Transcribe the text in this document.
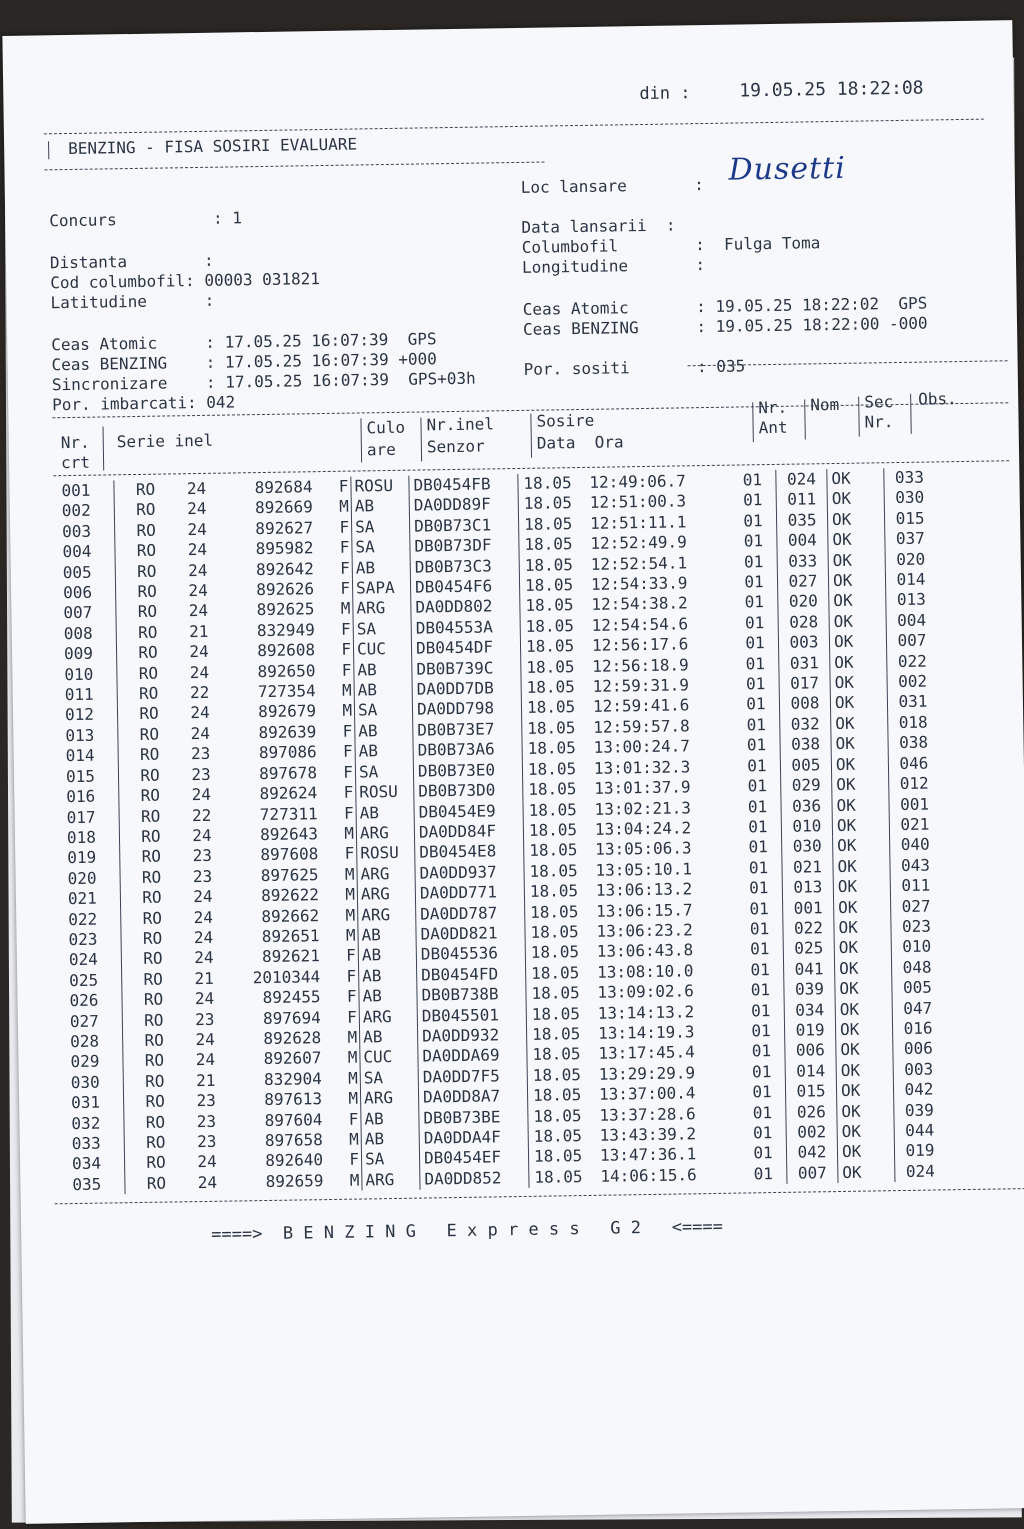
din :	19.05.25 18:22:08
BENZING - FISA SOSIRI EVALUARE
Concurs          : 1
Distanta        :
Cod columbofil: 00003 031821
Latitudine      :
Ceas Atomic     : 17.05.25 16:07:39  GPS
Ceas BENZING    : 17.05.25 16:07:39 +000
Sincronizare    : 17.05.25 16:07:39  GPS+03h
Por. imbarcati: 042
Loc lansare       : Dusetti
Data lansarii  :
Columbofil        :  Fulga Toma
Longitudine       :
Ceas Atomic       : 19.05.25 18:22:02  GPS
Ceas BENZING      : 19.05.25 18:22:00 -000
Por. sositi       : 035
Nr.
crt
Serie inel
Culo
are
Nr.inel
Senzor
Sosire
Data  Ora
Nr.
Ant
Nom Sec
Nr.
Obs.
001	RO	24	892684	F	ROSU	DB0454FB	18.05	12:49:06.7	01	024	OK	033
002	RO	24	892669	M	AB	DA0DD89F	18.05	12:51:00.3	01	011	OK	030
003	RO	24	892627	F	SA	DB0B73C1	18.05	12:51:11.1	01	035	OK	015
004	RO	24	895982	F	SA	DB0B73DF	18.05	12:52:49.9	01	004	OK	037
005	RO	24	892642	F	AB	DB0B73C3	18.05	12:52:54.1	01	033	OK	020
006	RO	24	892626	F	SAPA	DB0454F6	18.05	12:54:33.9	01	027	OK	014
007	RO	24	892625	M	ARG	DA0DD802	18.05	12:54:38.2	01	020	OK	013
008	RO	21	832949	F	SA	DB04553A	18.05	12:54:54.6	01	028	OK	004
009	RO	24	892608	F	CUC	DB0454DF	18.05	12:56:17.6	01	003	OK	007
010	RO	24	892650	F	AB	DB0B739C	18.05	12:56:18.9	01	031	OK	022
011	RO	22	727354	M	AB	DA0DD7DB	18.05	12:59:31.9	01	017	OK	002
012	RO	24	892679	M	SA	DA0DD798	18.05	12:59:41.6	01	008	OK	031
013	RO	24	892639	F	AB	DB0B73E7	18.05	12:59:57.8	01	032	OK	018
014	RO	23	897086	F	AB	DB0B73A6	18.05	13:00:24.7	01	038	OK	038
015	RO	23	897678	F	SA	DB0B73E0	18.05	13:01:32.3	01	005	OK	046
016	RO	24	892624	F	ROSU	DB0B73D0	18.05	13:01:37.9	01	029	OK	012
017	RO	22	727311	F	AB	DB0454E9	18.05	13:02:21.3	01	036	OK	001
018	RO	24	892643	M	ARG	DA0DD84F	18.05	13:04:24.2	01	010	OK	021
019	RO	23	897608	F	ROSU	DB0454E8	18.05	13:05:06.3	01	030	OK	040
020	RO	23	897625	M	ARG	DA0DD937	18.05	13:05:10.1	01	021	OK	043
021	RO	24	892622	M	ARG	DA0DD771	18.05	13:06:13.2	01	013	OK	011
022	RO	24	892662	M	ARG	DA0DD787	18.05	13:06:15.7	01	001	OK	027
023	RO	24	892651	M	AB	DA0DD821	18.05	13:06:23.2	01	022	OK	023
024	RO	24	892621	F	AB	DB045536	18.05	13:06:43.8	01	025	OK	010
025	RO	21	2010344	F	AB	DB0454FD	18.05	13:08:10.0	01	041	OK	048
026	RO	24	892455	F	AB	DB0B738B	18.05	13:09:02.6	01	039	OK	005
027	RO	23	897694	F	ARG	DB045501	18.05	13:14:13.2	01	034	OK	047
028	RO	24	892628	M	AB	DA0DD932	18.05	13:14:19.3	01	019	OK	016
029	RO	24	892607	M	CUC	DA0DDA69	18.05	13:17:45.4	01	006	OK	006
030	RO	21	832904	M	SA	DA0DD7F5	18.05	13:29:29.9	01	014	OK	003
031	RO	23	897613	M	ARG	DA0DD8A7	18.05	13:37:00.4	01	015	OK	042
032	RO	23	897604	F	AB	DB0B73BE	18.05	13:37:28.6	01	026	OK	039
033	RO	23	897658	M	AB	DA0DDA4F	18.05	13:43:39.2	01	002	OK	044
034	RO	24	892640	F	SA	DB0454EF	18.05	13:47:36.1	01	042	OK	019
035	RO	24	892659	M	ARG	DA0DD852	18.05	14:06:15.6	01	007	OK	024
====>  B E N Z I N G   E x p r e s s   G 2   <====
